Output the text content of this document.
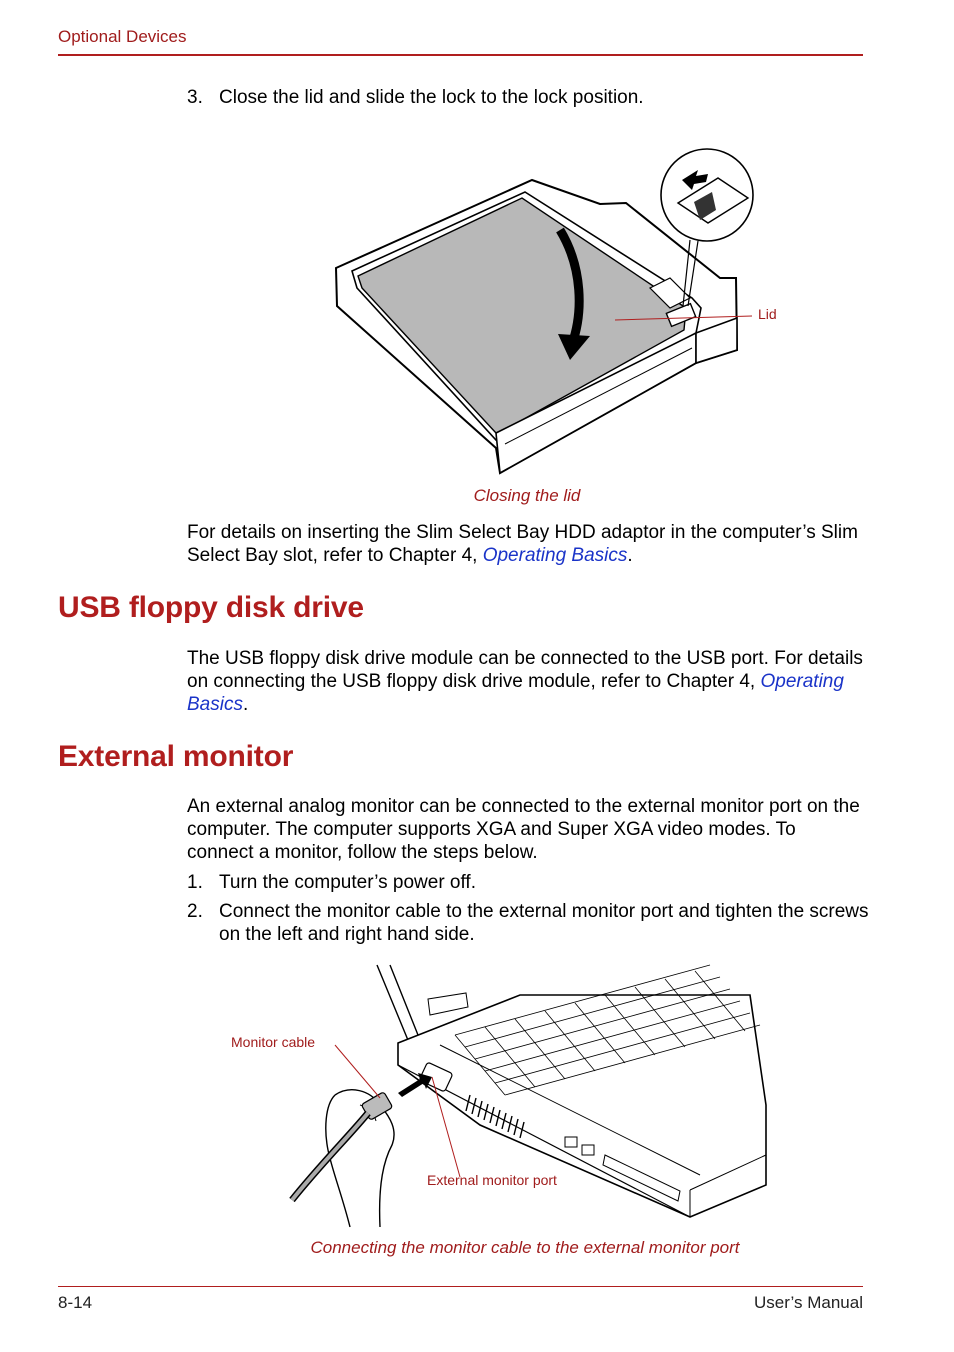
Optional Devices
3. Close the lid and slide the lock to the lock position.
Lid
Closing the lid
For details on inserting the Slim Select Bay HDD adaptor in the computer’s Slim Select Bay slot, refer to Chapter 4, Operating Basics.
USB floppy disk drive
The USB floppy disk drive module can be connected to the USB port. For details on connecting the USB floppy disk drive module, refer to Chapter 4, Operating Basics.
External monitor
An external analog monitor can be connected to the external monitor port on the computer. The computer supports XGA and Super XGA video modes. To connect a monitor, follow the steps below.
1. Turn the computer’s power off.
2. Connect the monitor cable to the external monitor port and tighten the screws on the left and right hand side.
Monitor cable
External monitor port
Connecting the monitor cable to the external monitor port
8-14	User’s Manual
